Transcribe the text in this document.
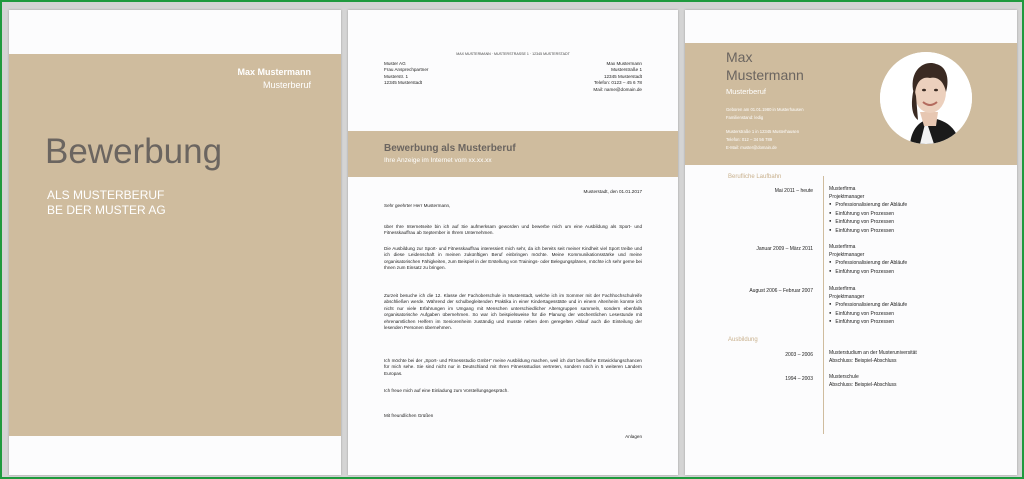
Max Mustermann
Musterberuf
Bewerbung
ALS MUSTERBERUF
BE DER MUSTER AG
MAX MUSTERMANN · MUSTERSTRASSE 1 · 12345 MUSTERSTADT
Muster AG
Frau Ansprechpartner
Musterstr. 1
12345 Musterstadt
Max Mustermann
Musterstraße 1
12345 Musterstadt
Telefon: 0123 – 45 6 78
Mail: name@domain.de
Bewerbung als Musterberuf
Ihre Anzeige im Internet vom xx.xx.xx
Musterstadt, den 01.01.2017
Sehr geehrter Herr Mustermann,
über Ihre Internetseite bin ich auf Sie aufmerksam geworden und bewerbe mich um eine Ausbildung als Sport- und Fitnesskauffrau ab September in Ihrem Unternehmen.
Die Ausbildung zur Sport- und Fitnesskauffrau interessiert mich sehr, da ich bereits seit meiner Kindheit viel Sport treibe und ich diese Leidenschaft in meinen zukünftigen Beruf einbringen möchte. Meine Kommunikationsstärke und meine organisatorischen Fähigkeiten, zum Beispiel in der Erstellung von Trainings- oder Belegungsplänen, möchte ich sehr gerne bei Ihnen zum Einsatz zu bringen.
Zurzeit besuche ich die 12. Klasse der Fachoberschule in Musterstadt, welche ich im Sommer mit der Fachhochschulreife abschließen werde. Während der schulbegleitenden Praktika in einer Kindertagesstätte und in einem Altenheim konnte ich nicht nur viele Erfahrungen im Umgang mit Menschen unterschiedlicher Altersgruppen sammeln, sondern ebenfalls organisatorische Aufgaben übernehmen. So war ich beispielsweise für die Planung der wöchentlichen Lesestunde mit ehrenamtlichen Helfern im Seniorenheim zuständig und musste neben dem geregelten Ablauf auch die Einteilung der lesenden Personen übernehmen.
Ich möchte bei der „Sport- und Fitnessstudio GmbH“ meine Ausbildung machen, weil ich dort berufliche Entwicklungschancen für mich sehe. Sie sind nicht nur in Deutschland mit Ihren Fitnessstudios vertreten, sondern noch in 5 weiteren Ländern Europas.
Ich freue mich auf eine Einladung zum Vorstellungsgespräch.
Mit freundlichen Grüßen
Anlagen
Max
Mustermann
Musterberuf
Geboren am 01.01.1980 in Musterhausen
Familienstand: ledig
Musterstraße 1 in 12345 Musterhausen
Telefon: 012 – 34 56 789
E-Mail: muster@domain.de
Berufliche Laufbahn
Mai 2011 – heute	Musterfirma
Projektmanager
● Professionalisierung der Abläufe
● Einführung von Prozessen
● Einführung von Prozessen
● Einführung von Prozessen
Januar 2009 – März 2011	Musterfirma
Projektmanager
● Professionalisierung der Abläufe
● Einführung von Prozessen
August 2006 – Februar 2007	Musterfirma
Projektmanager
● Professionalisierung der Abläufe
● Einführung von Prozessen
● Einführung von Prozessen
Ausbildung
2003 – 2006	Musterstudium an der Musteruniversität
Abschluss: Beispiel-Abschluss
1994 – 2003	Musterschule
Abschluss: Beispiel-Abschluss
